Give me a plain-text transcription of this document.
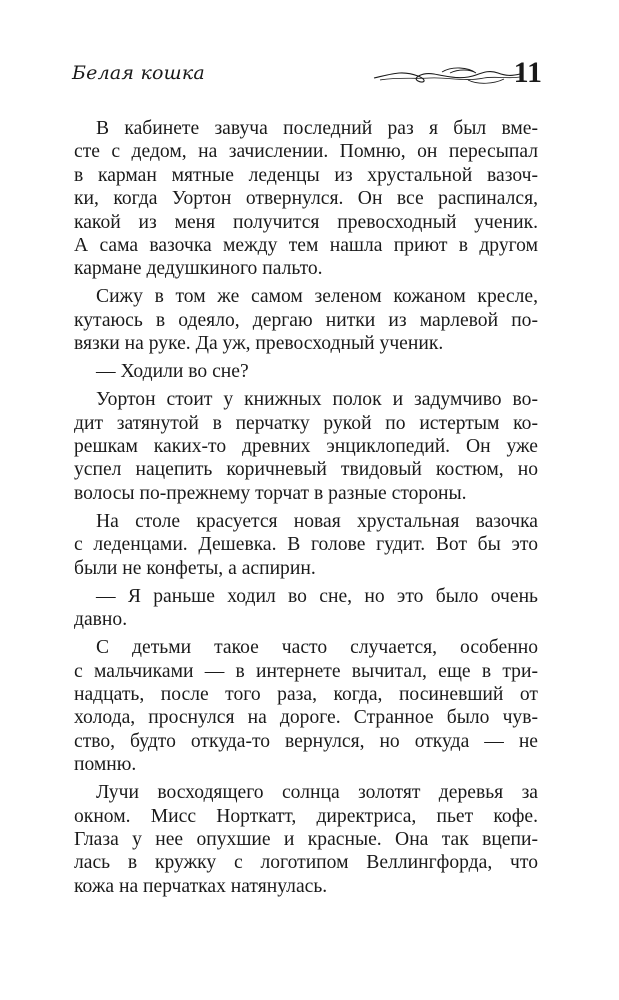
Белая кошка	11
В кабинете завуча последний раз я был вме-
сте с дедом, на зачислении. Помню, он пересыпал
в карман мятные леденцы из хрустальной вазоч-
ки, когда Уортон отвернулся. Он все распинался,
какой из меня получится превосходный ученик.
А сама вазочка между тем нашла приют в другом
кармане дедушкиного пальто.
Сижу в том же самом зеленом кожаном кресле,
кутаюсь в одеяло, дергаю нитки из марлевой по-
вязки на руке. Да уж, превосходный ученик.
— Ходили во сне?
Уортон стоит у книжных полок и задумчиво во-
дит затянутой в перчатку рукой по истертым ко-
решкам каких-то древних энциклопедий. Он уже
успел нацепить коричневый твидовый костюм, но
волосы по-прежнему торчат в разные стороны.
На столе красуется новая хрустальная вазочка
с леденцами. Дешевка. В голове гудит. Вот бы это
были не конфеты, а аспирин.
— Я раньше ходил во сне, но это было очень
давно.
С детьми такое часто случается, особенно
с мальчиками — в интернете вычитал, еще в три-
надцать, после того раза, когда, посиневший от
холода, проснулся на дороге. Странное было чув-
ство, будто откуда-то вернулся, но откуда — не
помню.
Лучи восходящего солнца золотят деревья за
окном. Мисс Норткатт, директриса, пьет кофе.
Глаза у нее опухшие и красные. Она так вцепи-
лась в кружку с логотипом Веллингфорда, что
кожа на перчатках натянулась.
